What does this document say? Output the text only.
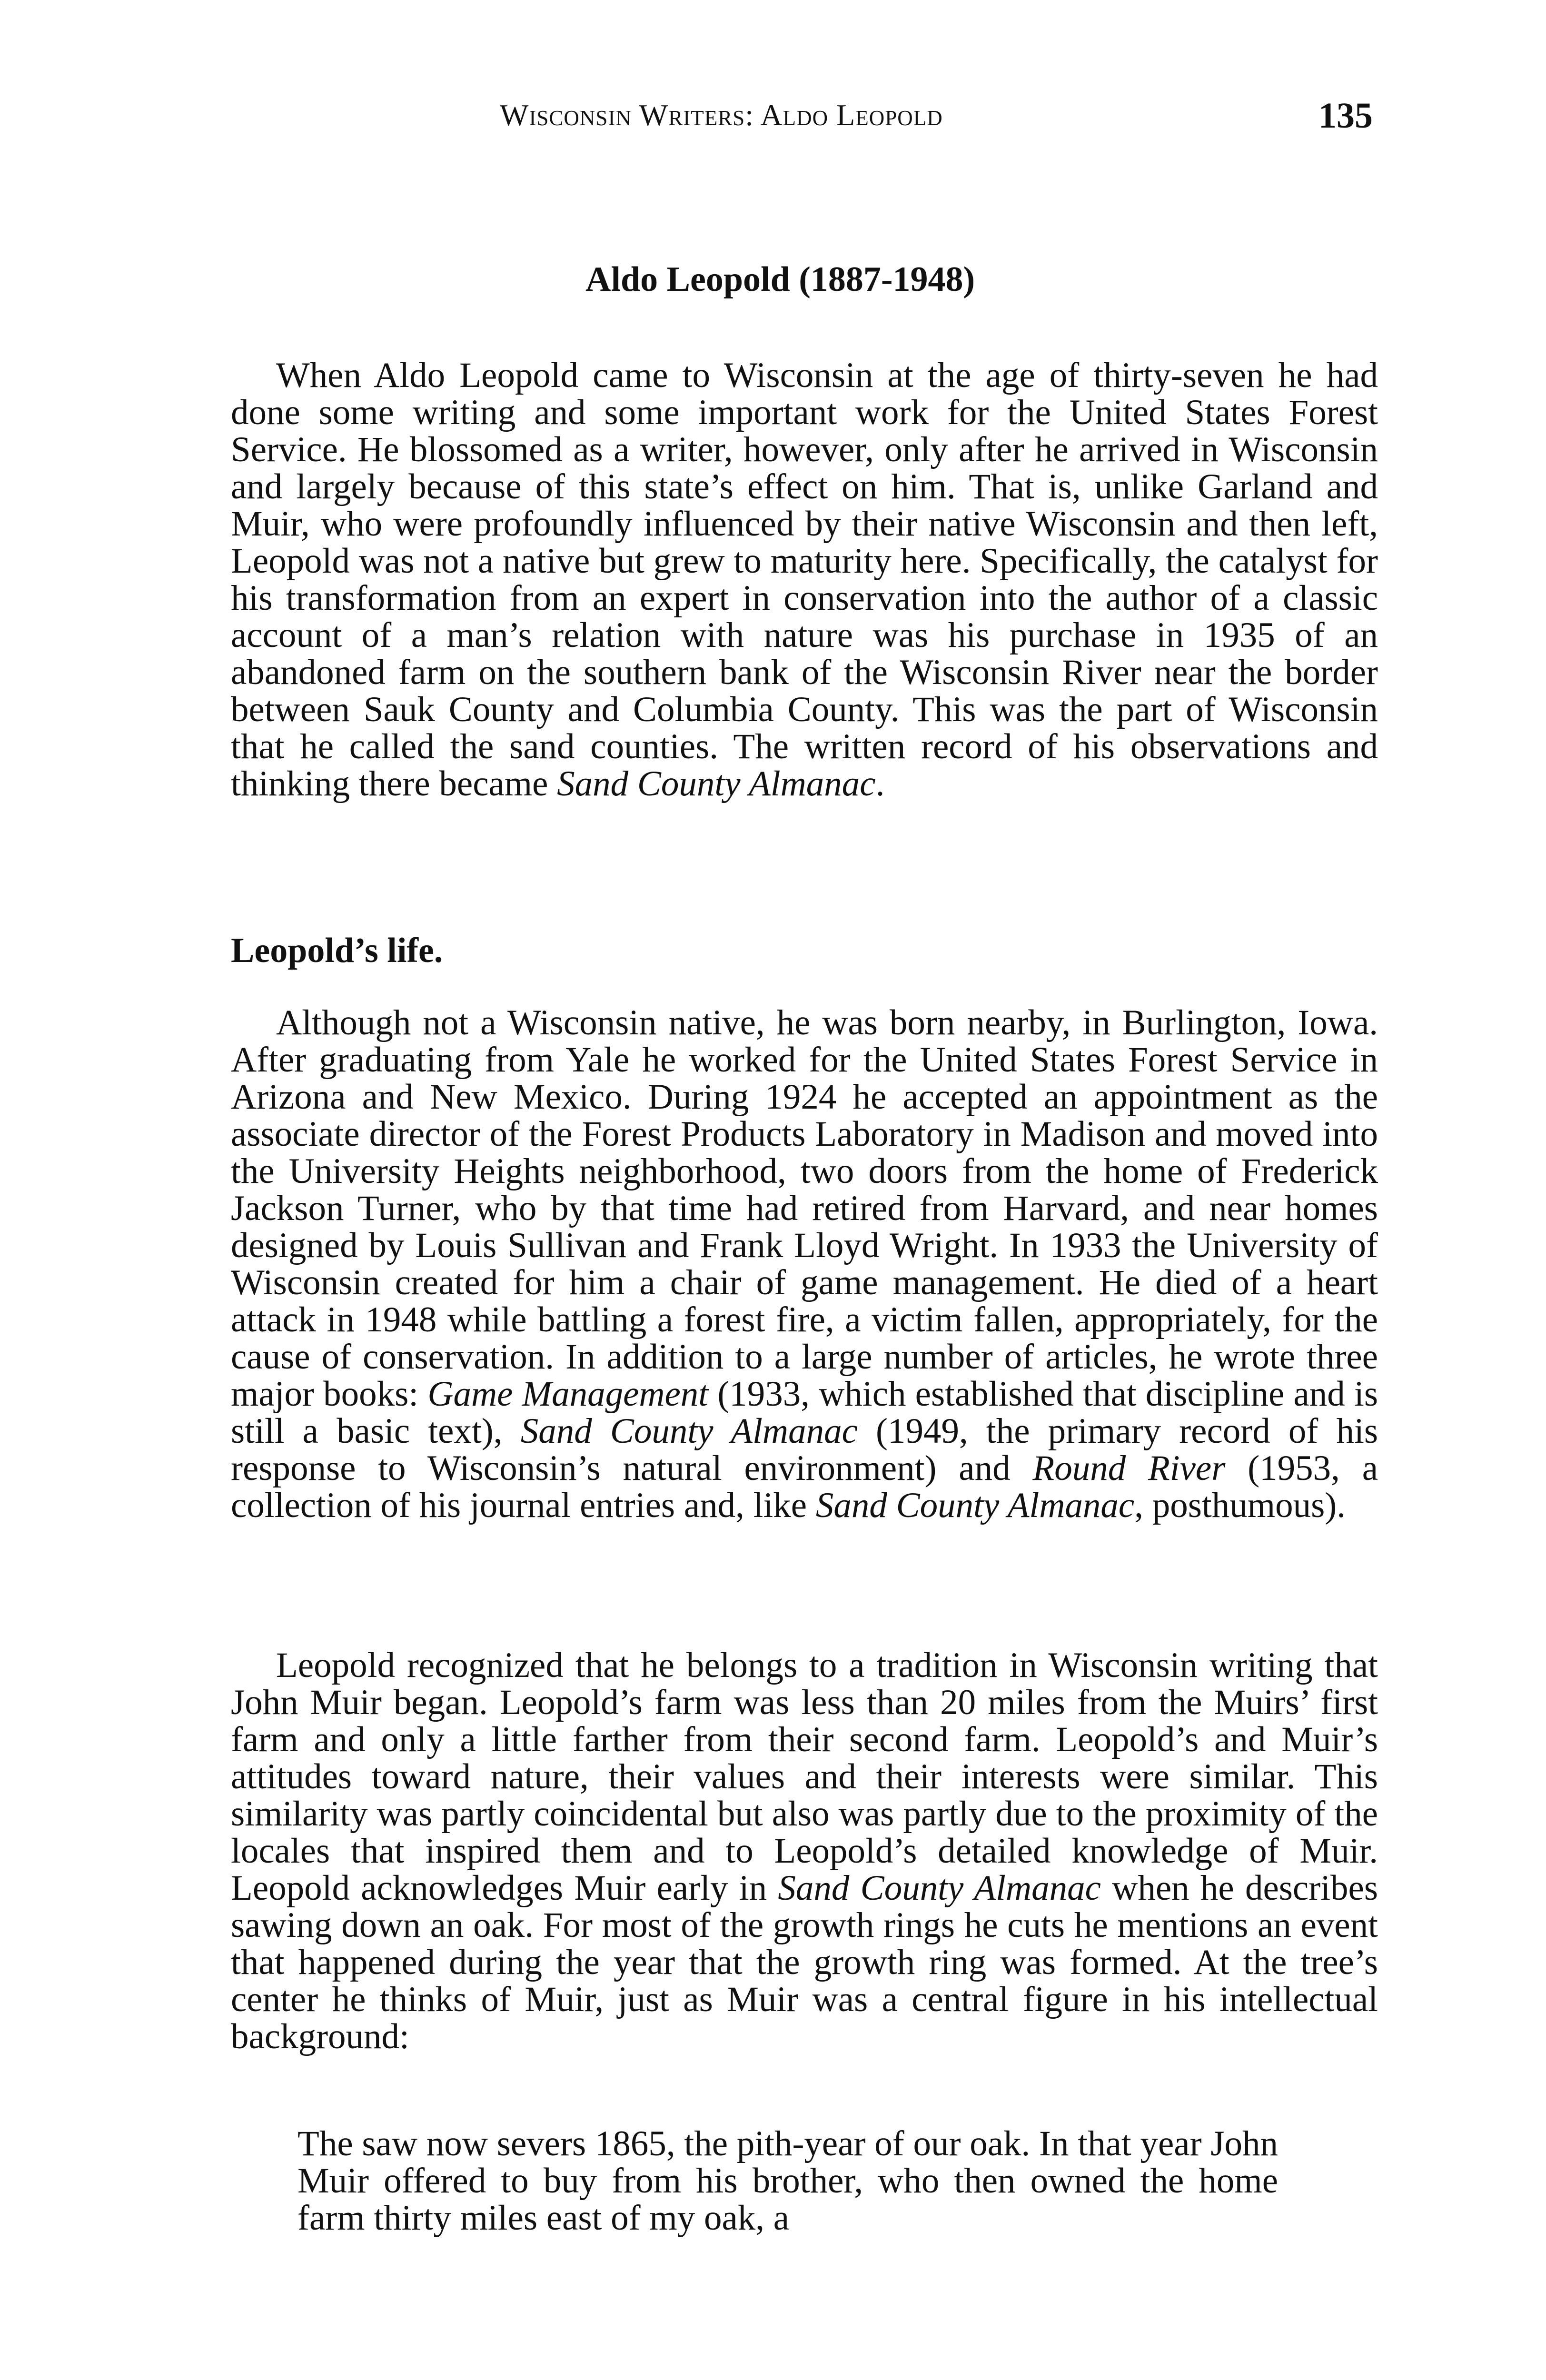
Wisconsin Writers: Aldo Leopold	135
Aldo Leopold (1887-1948)

When Aldo Leopold came to Wisconsin at the age of thirty-seven he had done some writing and some important work for the United States Forest Service. He blossomed as a writer, however, only after he arrived in Wisconsin and largely because of this state’s effect on him. That is, unlike Garland and Muir, who were profoundly influenced by their native Wisconsin and then left, Leopold was not a native but grew to maturity here. Specifically, the catalyst for his transformation from an expert in conservation into the author of a classic account of a man’s relation with nature was his purchase in 1935 of an abandoned farm on the southern bank of the Wisconsin River near the border between Sauk County and Columbia County. This was the part of Wisconsin that he called the sand counties. The written record of his observations and thinking there became Sand County Almanac.

Leopold’s life.

Although not a Wisconsin native, he was born nearby, in Burlington, Iowa. After graduating from Yale he worked for the United States Forest Service in Arizona and New Mexico. During 1924 he accepted an appointment as the associate director of the Forest Products Laboratory in Madison and moved into the University Heights neighborhood, two doors from the home of Frederick Jackson Turner, who by that time had retired from Harvard, and near homes designed by Louis Sullivan and Frank Lloyd Wright. In 1933 the University of Wisconsin created for him a chair of game management. He died of a heart attack in 1948 while battling a forest fire, a victim fallen, appropriately, for the cause of conservation. In addition to a large number of articles, he wrote three major books: Game Management (1933, which established that discipline and is still a basic text), Sand County Almanac (1949, the primary record of his response to Wisconsin’s natural environment) and Round River (1953, a collection of his journal entries and, like Sand County Almanac, posthumous).

Leopold recognized that he belongs to a tradition in Wisconsin writing that John Muir began. Leopold’s farm was less than 20 miles from the Muirs’ first farm and only a little farther from their second farm. Leopold’s and Muir’s attitudes toward nature, their values and their interests were similar. This similarity was partly coincidental but also was partly due to the proximity of the locales that inspired them and to Leopold’s detailed knowledge of Muir. Leopold acknowledges Muir early in Sand County Almanac when he describes sawing down an oak. For most of the growth rings he cuts he mentions an event that happened during the year that the growth ring was formed. At the tree’s center he thinks of Muir, just as Muir was a central figure in his intellectual background:

The saw now severs 1865, the pith-year of our oak. In that year John Muir offered to buy from his brother, who then owned the home farm thirty miles east of my oak, a
